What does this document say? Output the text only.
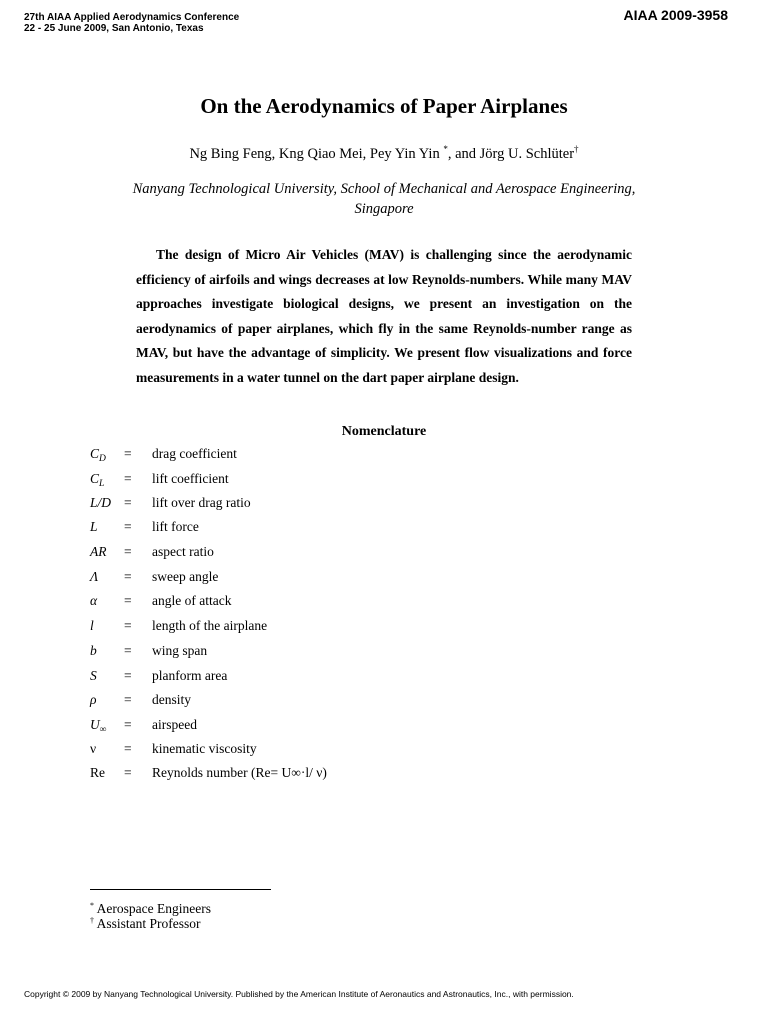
27th AIAA Applied Aerodynamics Conference
22 - 25 June 2009, San Antonio, Texas
AIAA 2009-3958
On the Aerodynamics of Paper Airplanes
Ng Bing Feng, Kng Qiao Mei, Pey Yin Yin *, and Jörg U. Schlüter†
Nanyang Technological University, School of Mechanical and Aerospace Engineering,
Singapore

The design of Micro Air Vehicles (MAV) is challenging since the aerodynamic efficiency of airfoils and wings decreases at low Reynolds-numbers. While many MAV approaches investigate biological designs, we present an investigation on the aerodynamics of paper airplanes, which fly in the same Reynolds-number range as MAV, but have the advantage of simplicity. We present flow visualizations and force measurements in a water tunnel on the dart paper airplane design.

Nomenclature
$C_D$	= drag coefficient
$C_L$	= lift coefficient
L/D = lift over drag ratio
L	= lift force
AR	= aspect ratio
Λ	= sweep angle
α	= angle of attack
l	= length of the airplane
b	= wing span
S	= planform area
ρ	= density
$U_\infty$	= airspeed
ν	= kinematic viscosity
Re	= Reynolds number (Re= U∞·l/ ν)
* Aerospace Engineers
† Assistant Professor
Copyright © 2009 by Nanyang Technological University. Published by the American Institute of Aeronautics and Astronautics, Inc., with permission.
